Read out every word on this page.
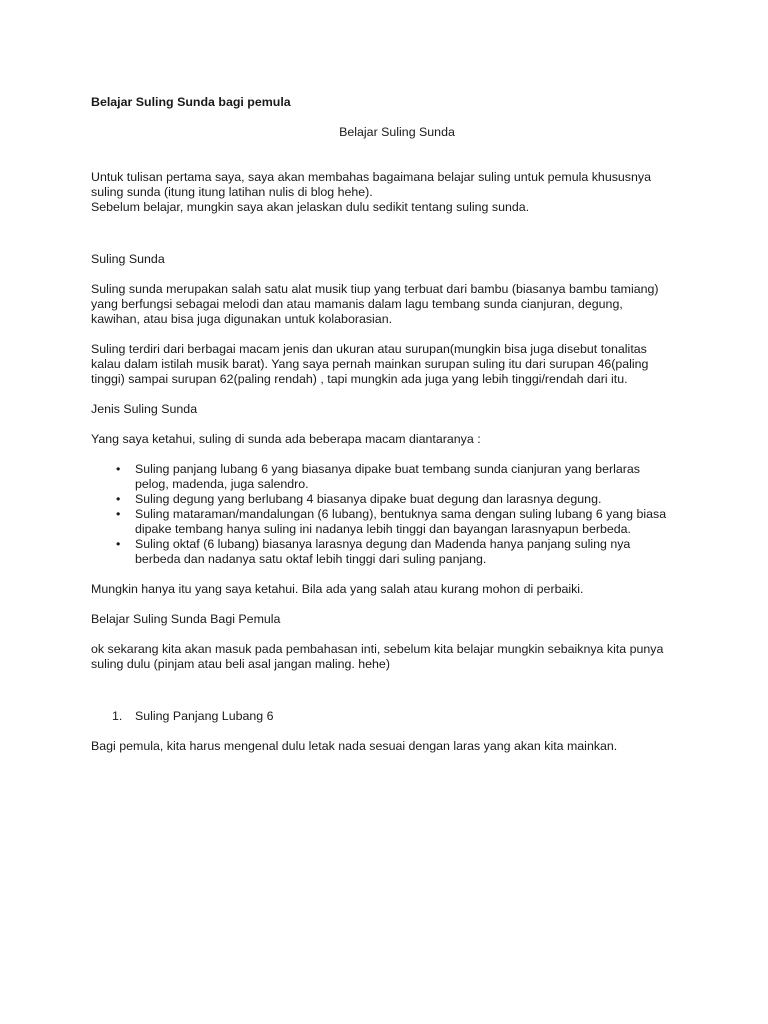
Belajar Suling Sunda bagi pemula

Belajar Suling Sunda

Untuk tulisan pertama saya, saya akan membahas bagaimana belajar suling untuk pemula khususnya
suling sunda (itung itung latihan nulis di blog hehe).
Sebelum belajar, mungkin saya akan jelaskan dulu sedikit tentang suling sunda.

Suling Sunda

Suling sunda merupakan salah satu alat musik tiup yang terbuat dari bambu (biasanya bambu tamiang)
yang berfungsi sebagai melodi dan atau mamanis dalam lagu tembang sunda cianjuran, degung,
kawihan, atau bisa juga digunakan untuk kolaborasian.
Suling terdiri dari berbagai macam jenis dan ukuran atau surupan(mungkin bisa juga disebut tonalitas
kalau dalam istilah musik barat). Yang saya pernah mainkan surupan suling itu dari surupan 46(paling
tinggi) sampai surupan 62(paling rendah) , tapi mungkin ada juga yang lebih tinggi/rendah dari itu.

Jenis Suling Sunda

Yang saya ketahui, suling di sunda ada beberapa macam diantaranya :

• Suling panjang lubang 6 yang biasanya dipake buat tembang sunda cianjuran yang berlaras
pelog, madenda, juga salendro.
• Suling degung yang berlubang 4 biasanya dipake buat degung dan larasnya degung.
• Suling mataraman/mandalungan (6 lubang), bentuknya sama dengan suling lubang 6 yang biasa
dipake tembang hanya suling ini nadanya lebih tinggi dan bayangan larasnyapun berbeda.
• Suling oktaf (6 lubang) biasanya larasnya degung dan Madenda hanya panjang suling nya
berbeda dan nadanya satu oktaf lebih tinggi dari suling panjang.

Mungkin hanya itu yang saya ketahui. Bila ada yang salah atau kurang mohon di perbaiki.

Belajar Suling Sunda Bagi Pemula

ok sekarang kita akan masuk pada pembahasan inti, sebelum kita belajar mungkin sebaiknya kita punya
suling dulu (pinjam atau beli asal jangan maling. hehe)
1. Suling Panjang Lubang 6

Bagi pemula, kita harus mengenal dulu letak nada sesuai dengan laras yang akan kita mainkan.
